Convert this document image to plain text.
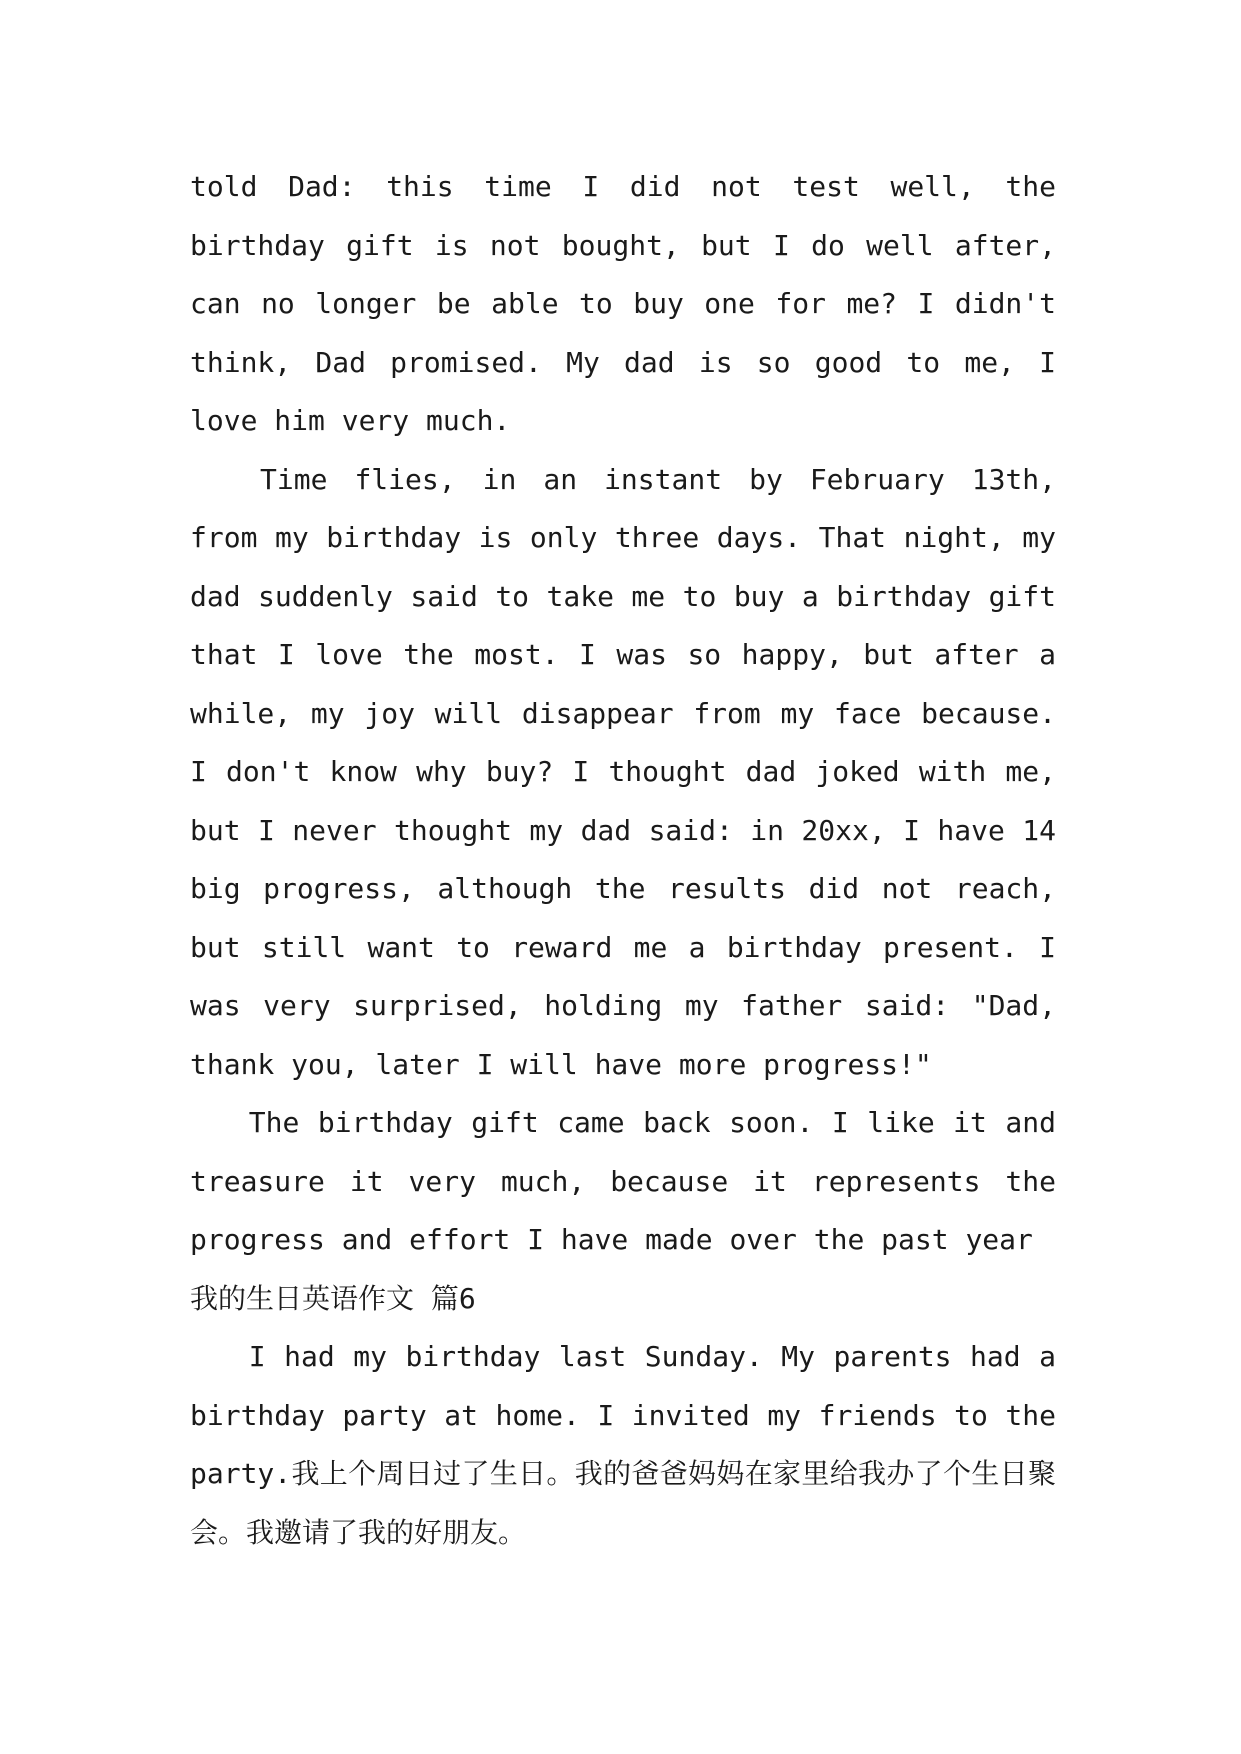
told Dad: this time I did not test well, the birthday gift is not bought, but I do well after, can no longer be able to buy one for me? I didn't think, Dad promised. My dad is so good to me, I love him very much.

Time flies, in an instant by February 13th, from my birthday is only three days. That night, my dad suddenly said to take me to buy a birthday gift that I love the most. I was so happy, but after a while, my joy will disappear from my face because. I don't know why buy? I thought dad joked with me, but I never thought my dad said: in 20xx, I have 14 big progress, although the results did not reach, but still want to reward me a birthday present. I was very surprised, holding my father said: "Dad, thank you, later I will have more progress!"

The birthday gift came back soon. I like it and treasure it very much, because it represents the progress and effort I have made over the past year

我的生日英语作文 篇6

I had my birthday last Sunday. My parents had a birthday party at home. I invited my friends to the party.我上个周日过了生日。我的爸爸妈妈在家里给我办了个生日聚会。我邀请了我的好朋友。
